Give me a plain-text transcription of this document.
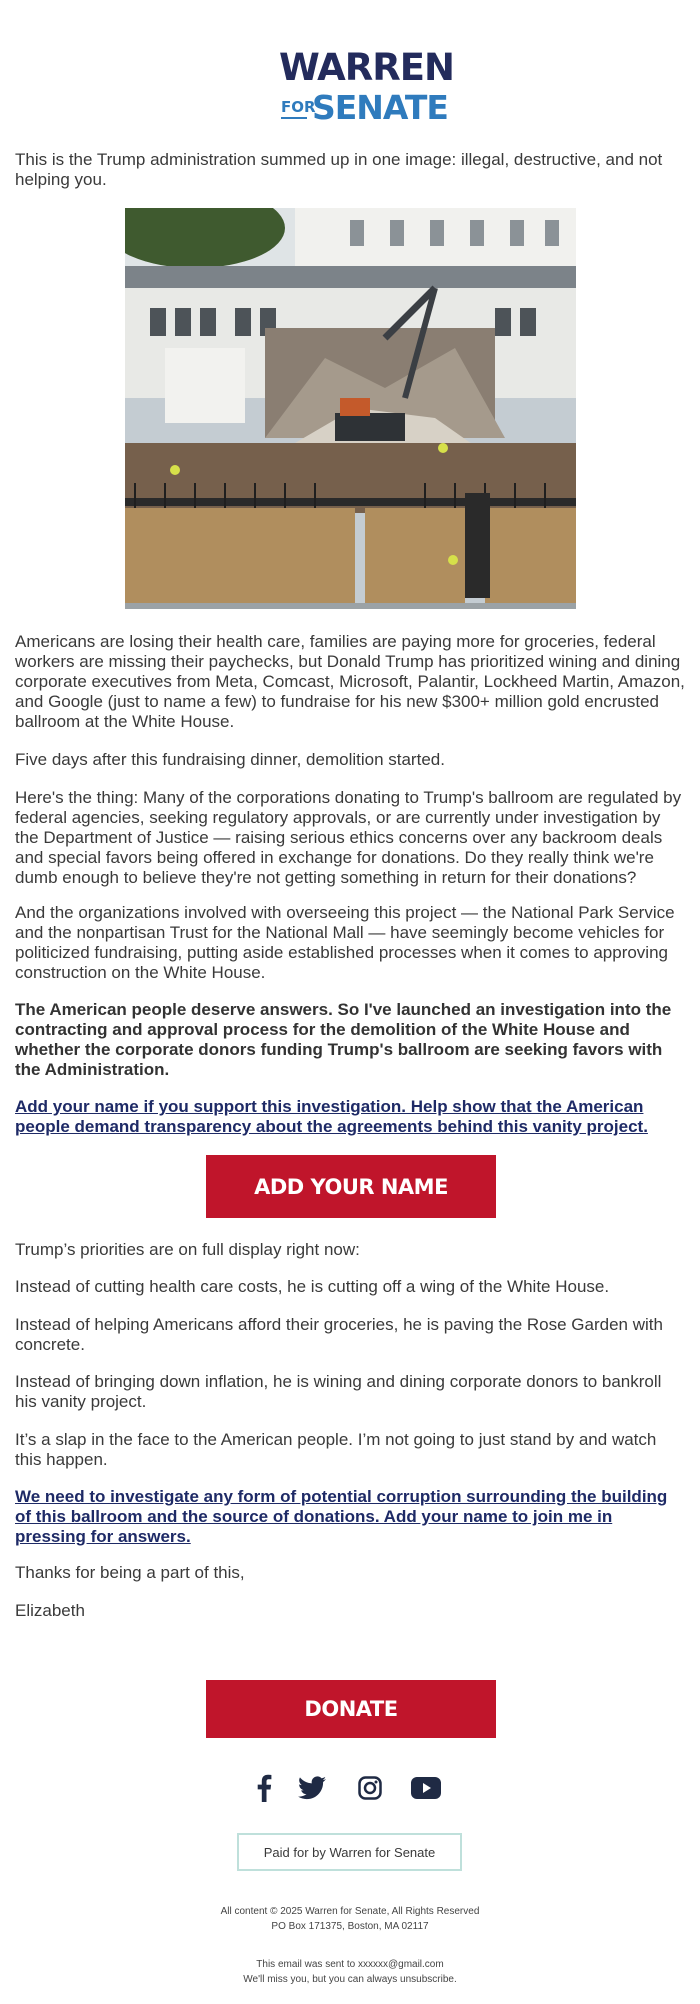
WARREN
FOR
SENATE

This is the Trump administration summed up in one image: illegal, destructive, and not helping you.

Americans are losing their health care, families are paying more for groceries, federal workers are missing their paychecks, but Donald Trump has prioritized wining and dining corporate executives from Meta, Comcast, Microsoft, Palantir, Lockheed Martin, Amazon, and Google (just to name a few) to fundraise for his new $300+ million gold encrusted ballroom at the White House.

Five days after this fundraising dinner, demolition started.

Here's the thing: Many of the corporations donating to Trump's ballroom are regulated by federal agencies, seeking regulatory approvals, or are currently under investigation by the Department of Justice — raising serious ethics concerns over any backroom deals and special favors being offered in exchange for donations. Do they really think we're dumb enough to believe they're not getting something in return for their donations?

And the organizations involved with overseeing this project — the National Park Service and the nonpartisan Trust for the National Mall — have seemingly become vehicles for politicized fundraising, putting aside established processes when it comes to approving construction on the White House.

The American people deserve answers. So I've launched an investigation into the contracting and approval process for the demolition of the White House and whether the corporate donors funding Trump's ballroom are seeking favors with the Administration.

Add your name if you support this investigation. Help show that the American people demand transparency about the agreements behind this vanity project.

ADD YOUR NAME

Trump’s priorities are on full display right now:

Instead of cutting health care costs, he is cutting off a wing of the White House.

Instead of helping Americans afford their groceries, he is paving the Rose Garden with concrete.

Instead of bringing down inflation, he is wining and dining corporate donors to bankroll his vanity project.

It’s a slap in the face to the American people. I’m not going to just stand by and watch this happen.

We need to investigate any form of potential corruption surrounding the building of this ballroom and the source of donations. Add your name to join me in pressing for answers.

Thanks for being a part of this,

Elizabeth

DONATE
Paid for by Warren for Senate
All content © 2025 Warren for Senate, All Rights Reserved
PO Box 171375, Boston, MA 02117
This email was sent to xxxxxx@gmail.com
We'll miss you, but you can always unsubscribe.
